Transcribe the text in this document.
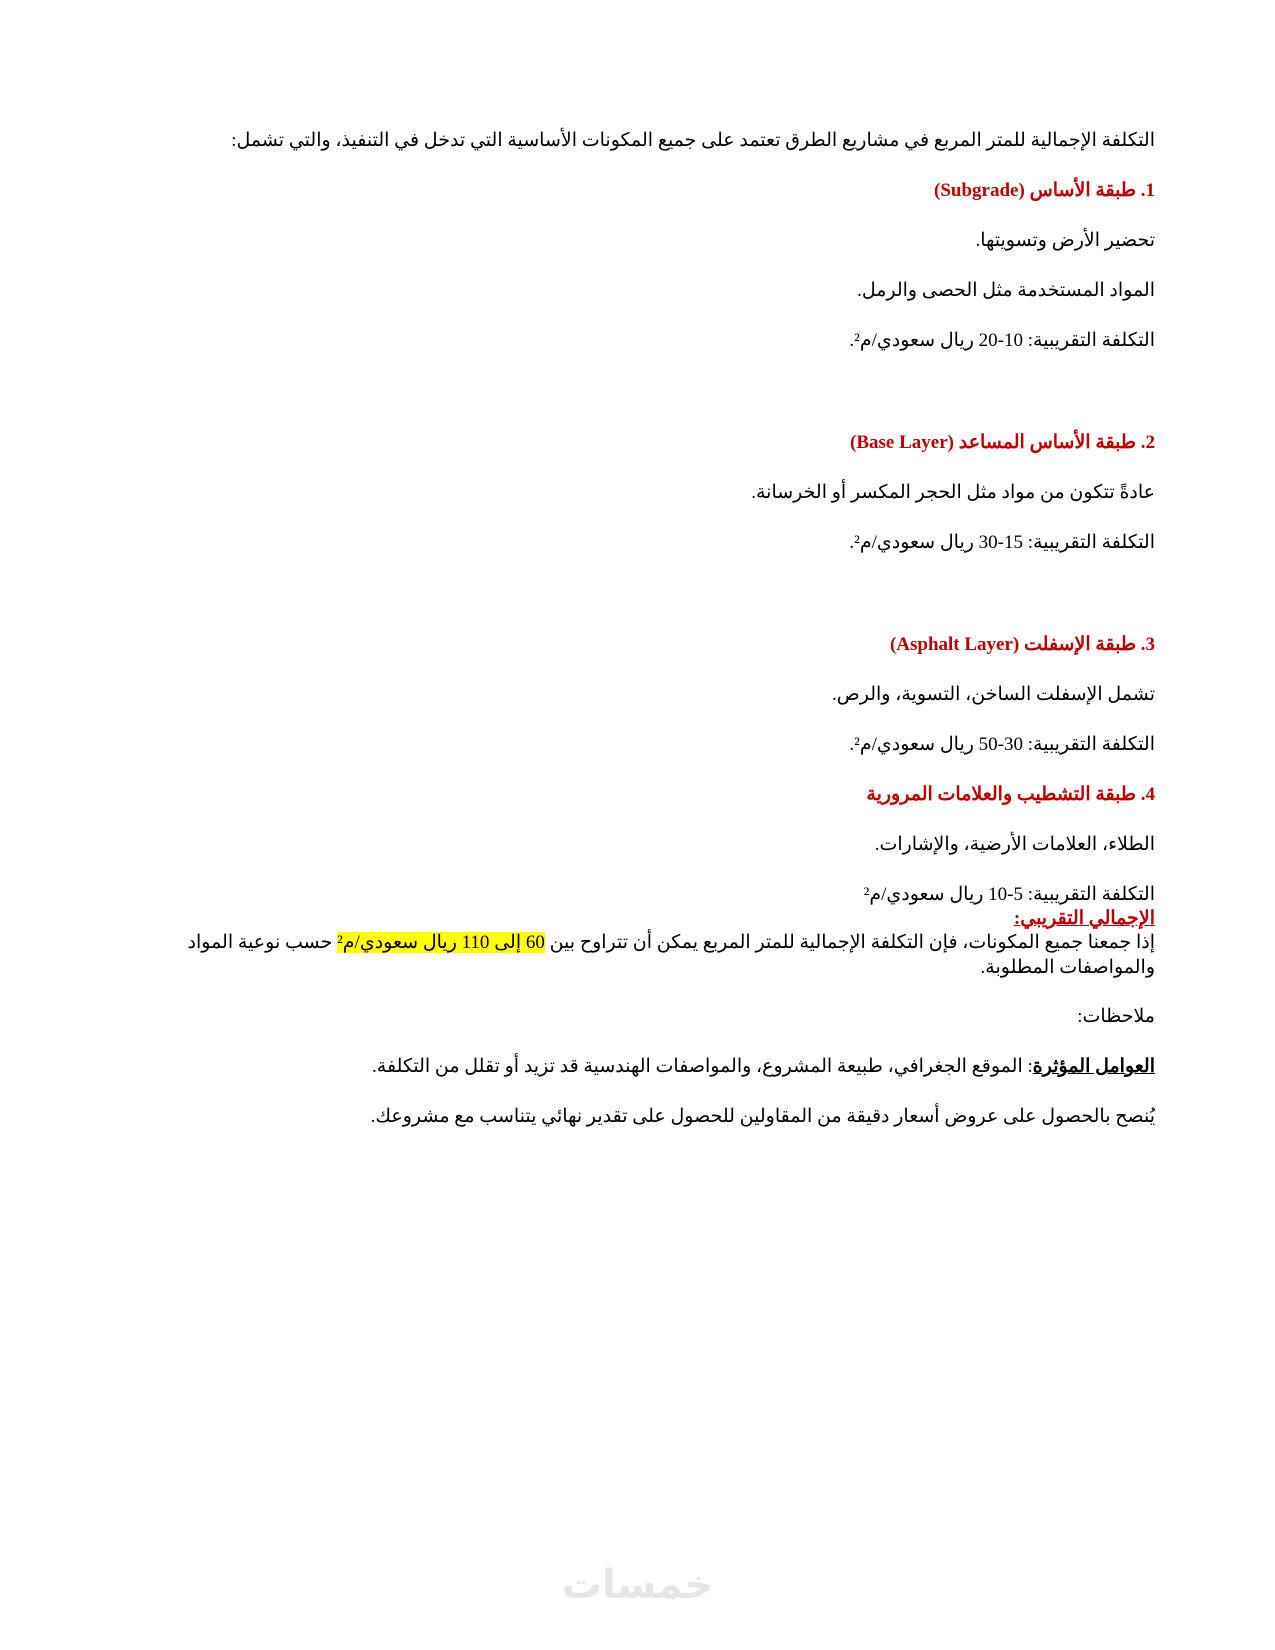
التكلفة الإجمالية للمتر المربع في مشاريع الطرق تعتمد على جميع المكونات الأساسية التي تدخل في التنفيذ، والتي تشمل:

1. طبقة الأساس (Subgrade)

تحضير الأرض وتسويتها.

المواد المستخدمة مثل الحصى والرمل.

التكلفة التقريبية: 10-20 ريال سعودي/م².

2. طبقة الأساس المساعد (Base Layer)

عادةً تتكون من مواد مثل الحجر المكسر أو الخرسانة.

التكلفة التقريبية: 15-30 ريال سعودي/م².

3. طبقة الإسفلت (Asphalt Layer)

تشمل الإسفلت الساخن، التسوية، والرص.

التكلفة التقريبية: 30-50 ريال سعودي/م².

4. طبقة التشطيب والعلامات المرورية

الطلاء، العلامات الأرضية، والإشارات.

التكلفة التقريبية: 5-10 ريال سعودي/م²

الإجمالي التقريبي:

إذا جمعنا جميع المكونات، فإن التكلفة الإجمالية للمتر المربع يمكن أن تتراوح بين 60 إلى 110 ريال سعودي/م² حسب نوعية المواد والمواصفات المطلوبة.

ملاحظات:

العوامل المؤثرة: الموقع الجغرافي، طبيعة المشروع، والمواصفات الهندسية قد تزيد أو تقلل من التكلفة.

يُنصح بالحصول على عروض أسعار دقيقة من المقاولين للحصول على تقدير نهائي يتناسب مع مشروعك.

خمسات
